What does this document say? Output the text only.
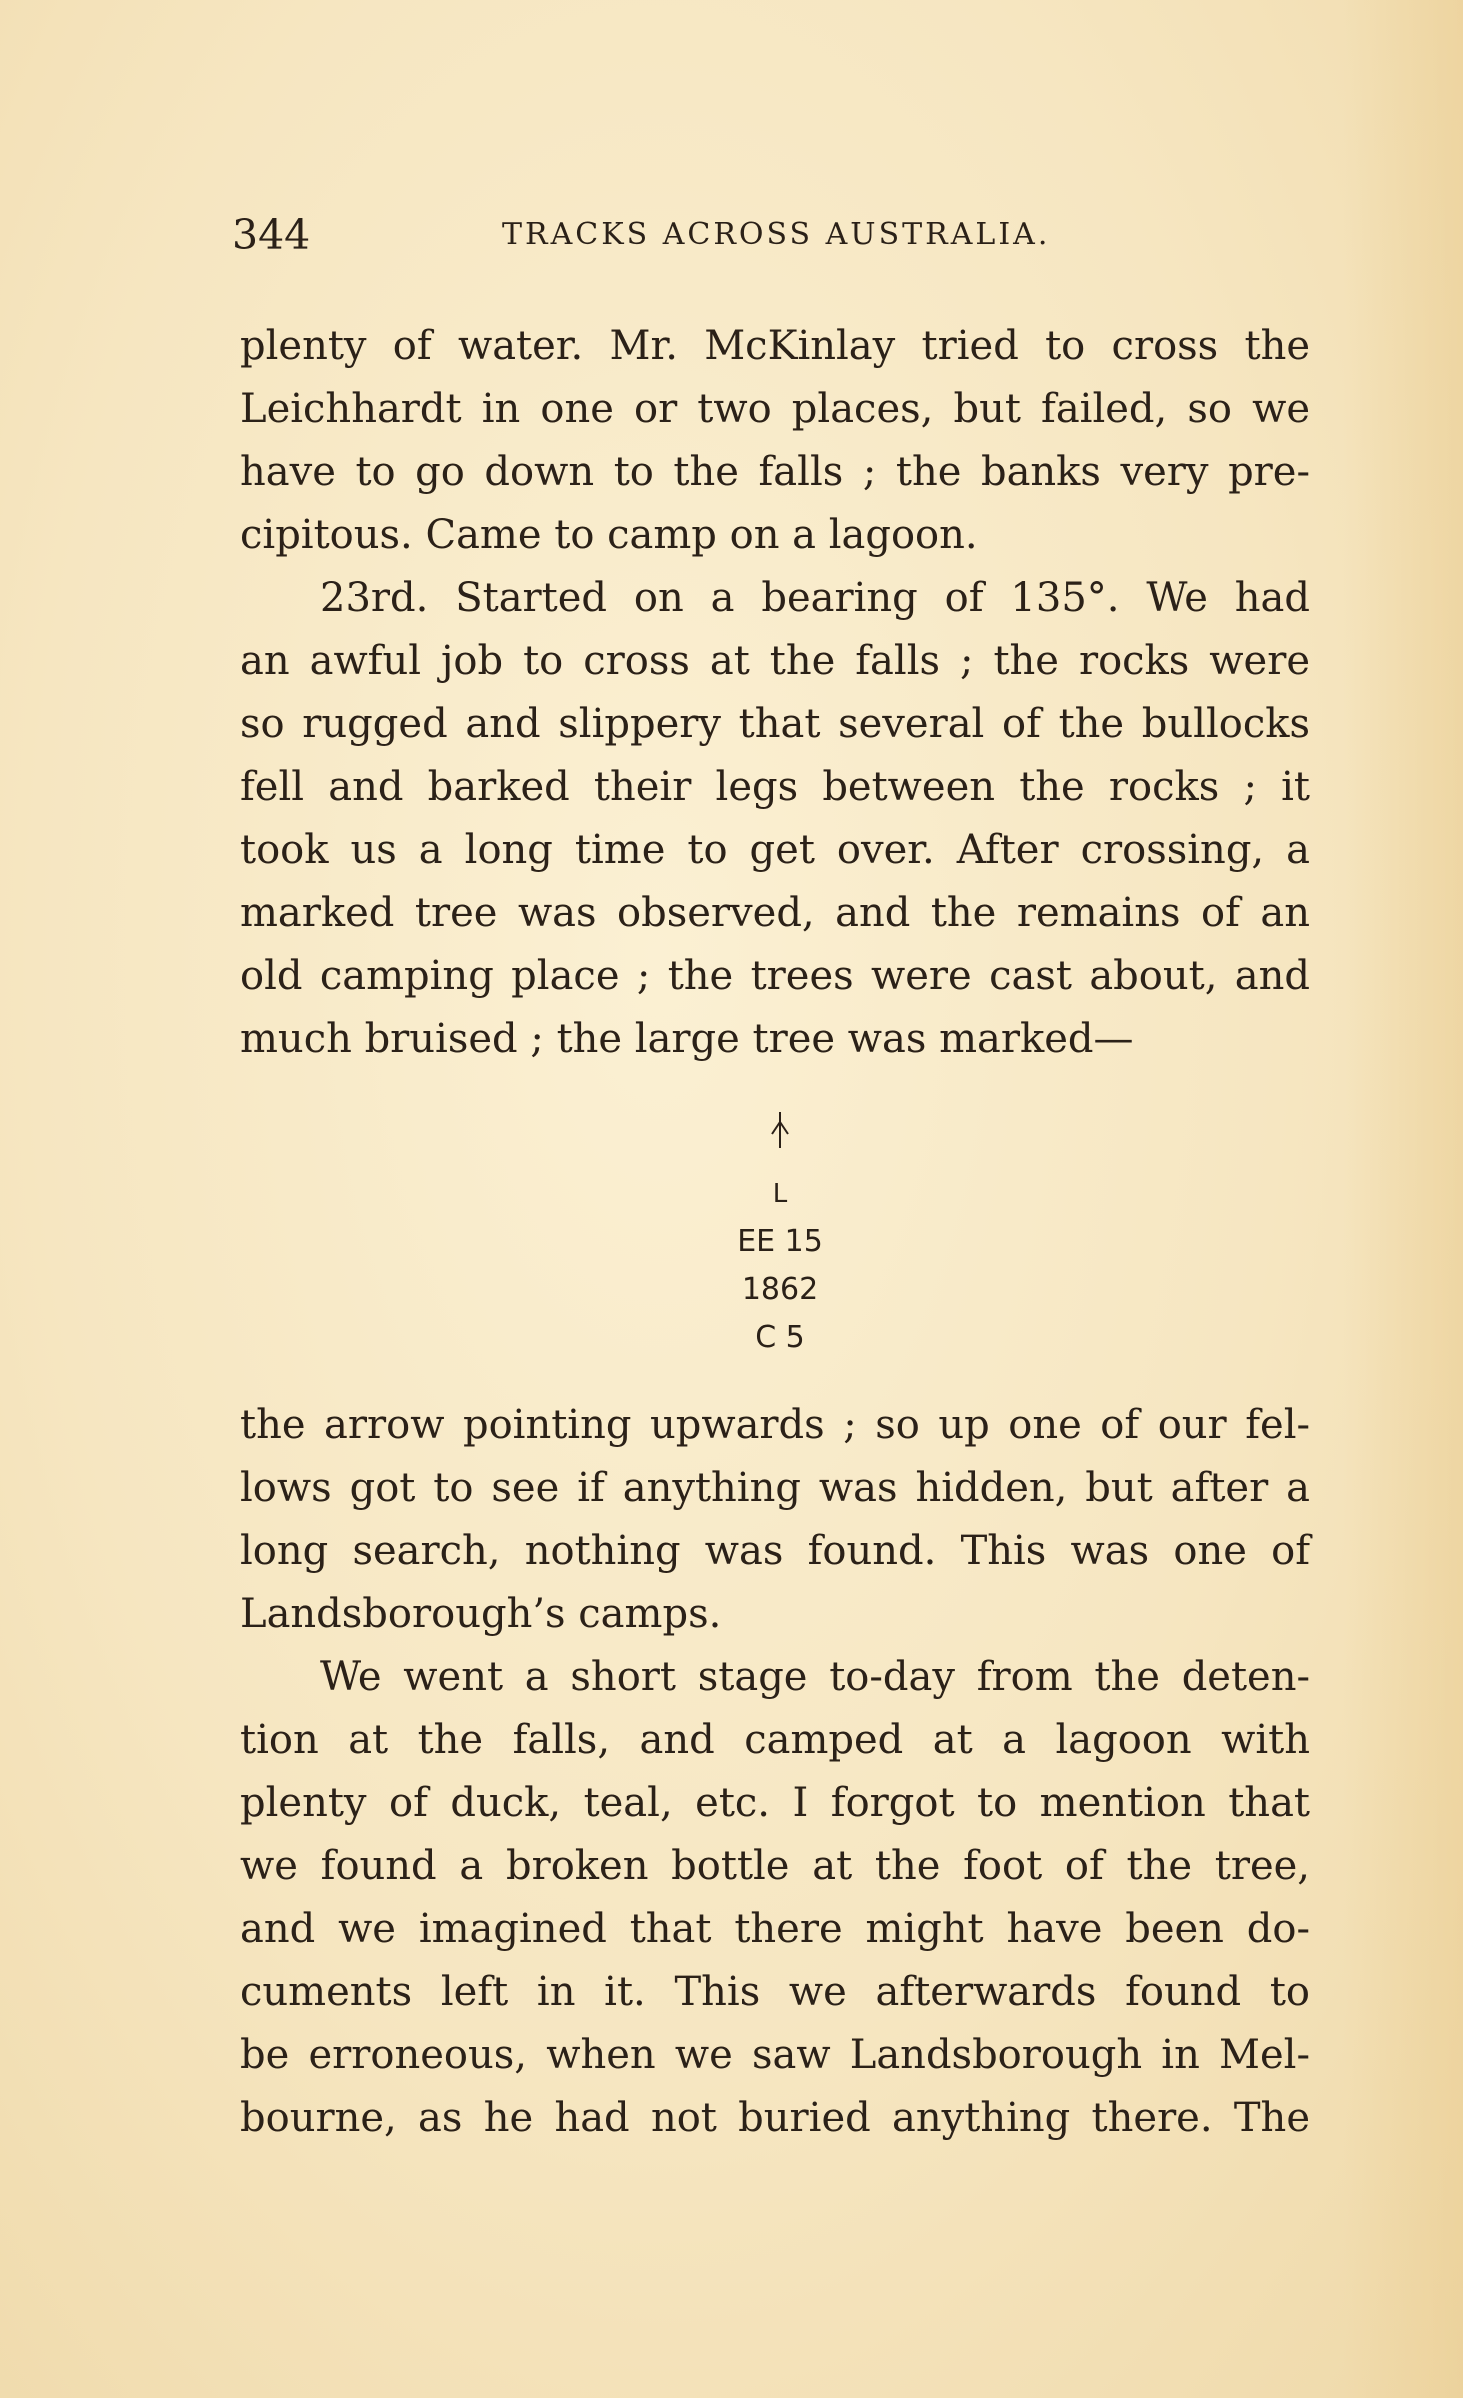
344	TRACKS ACROSS AUSTRALIA.
plenty of water. Mr. McKinlay tried to cross the
Leichhardt in one or two places, but failed, so we
have to go down to the falls ; the banks very pre-
cipitous. Came to camp on a lagoon.
23rd. Started on a bearing of 135°. We had
an awful job to cross at the falls ; the rocks were
so rugged and slippery that several of the bullocks
fell and barked their legs between the rocks ; it
took us a long time to get over. After crossing, a
marked tree was observed, and the remains of an
old camping place ; the trees were cast about, and
much bruised ; the large tree was marked—
L
EE 15
1862
C 5
the arrow pointing upwards ; so up one of our fel-
lows got to see if anything was hidden, but after a
long search, nothing was found. This was one of
Landsborough’s camps.
We went a short stage to-day from the deten-
tion at the falls, and camped at a lagoon with
plenty of duck, teal, etc. I forgot to mention that
we found a broken bottle at the foot of the tree,
and we imagined that there might have been do-
cuments left in it. This we afterwards found to
be erroneous, when we saw Landsborough in Mel-
bourne, as he had not buried anything there. The
